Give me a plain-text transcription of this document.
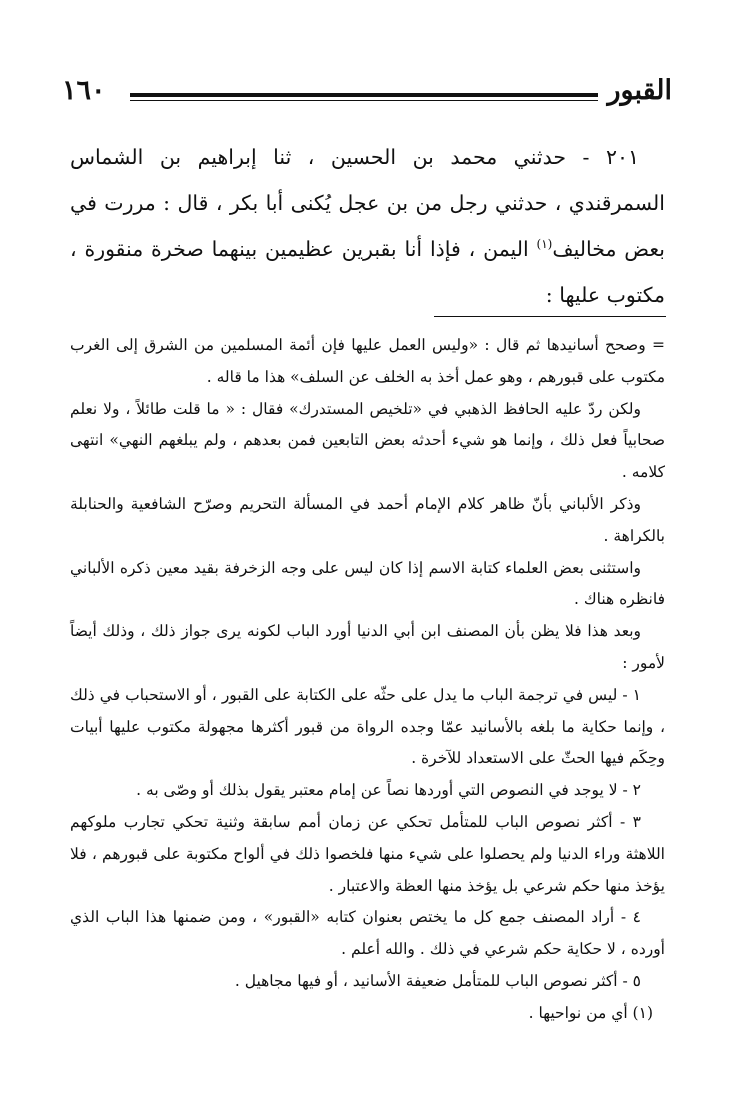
القبور
١٦٠

٢٠١ - حدثني محمد بن الحسين ، ثنا إبراهيم بن الشماس السمرقندي ، حدثني رجل من بن عجل يُكنى أبا بكر ، قال : مررت في بعض مخاليف$^{(١)}$ اليمن ، فإذا أنا بقبرين عظيمين بينهما صخرة منقورة ، مكتوب عليها :

= وصحح أسانيدها ثم قال : «وليس العمل عليها فإن أئمة المسلمين من الشرق إلى الغرب مكتوب على قبورهم ، وهو عمل أخذ به الخلف عن السلف» هذا ما قاله .

ولكن ردّ عليه الحافظ الذهبي في «تلخيص المستدرك» فقال : « ما قلت طائلاً ، ولا نعلم صحابياً فعل ذلك ، وإنما هو شيء أحدثه بعض التابعين فمن بعدهم ، ولم يبلغهم النهي» انتهى كلامه .

وذكر الألباني بأنّ ظاهر كلام الإمام أحمد في المسألة التحريم وصرّح الشافعية والحنابلة بالكراهة .

واستثنى بعض العلماء كتابة الاسم إذا كان ليس على وجه الزخرفة بقيد معين ذكره الألباني فانظره هناك .

وبعد هذا فلا يظن بأن المصنف ابن أبي الدنيا أورد الباب لكونه يرى جواز ذلك ، وذلك أيضاً لأمور :

١ - ليس في ترجمة الباب ما يدل على حثّه على الكتابة على القبور ، أو الاستحباب في ذلك ، وإنما حكاية ما بلغه بالأسانيد عمّا وجده الرواة من قبور أكثرها مجهولة مكتوب عليها أبيات وحِكَم فيها الحثّ على الاستعداد للآخرة .

٢ - لا يوجد في النصوص التي أوردها نصاً عن إمام معتبر يقول بذلك أو وصّى به .

٣ - أكثر نصوص الباب للمتأمل تحكي عن زمان أمم سابقة وثنية تحكي تجارب ملوكهم اللاهثة وراء الدنيا ولم يحصلوا على شيء منها فلخصوا ذلك في ألواح مكتوبة على قبورهم ، فلا يؤخذ منها حكم شرعي بل يؤخذ منها العظة والاعتبار .

٤ - أراد المصنف جمع كل ما يختص بعنوان كتابه «القبور» ، ومن ضمنها هذا الباب الذي أورده ، لا حكاية حكم شرعي في ذلك . والله أعلم .

٥ - أكثر نصوص الباب للمتأمل ضعيفة الأسانيد ، أو فيها مجاهيل .

(١) أي من نواحيها .
